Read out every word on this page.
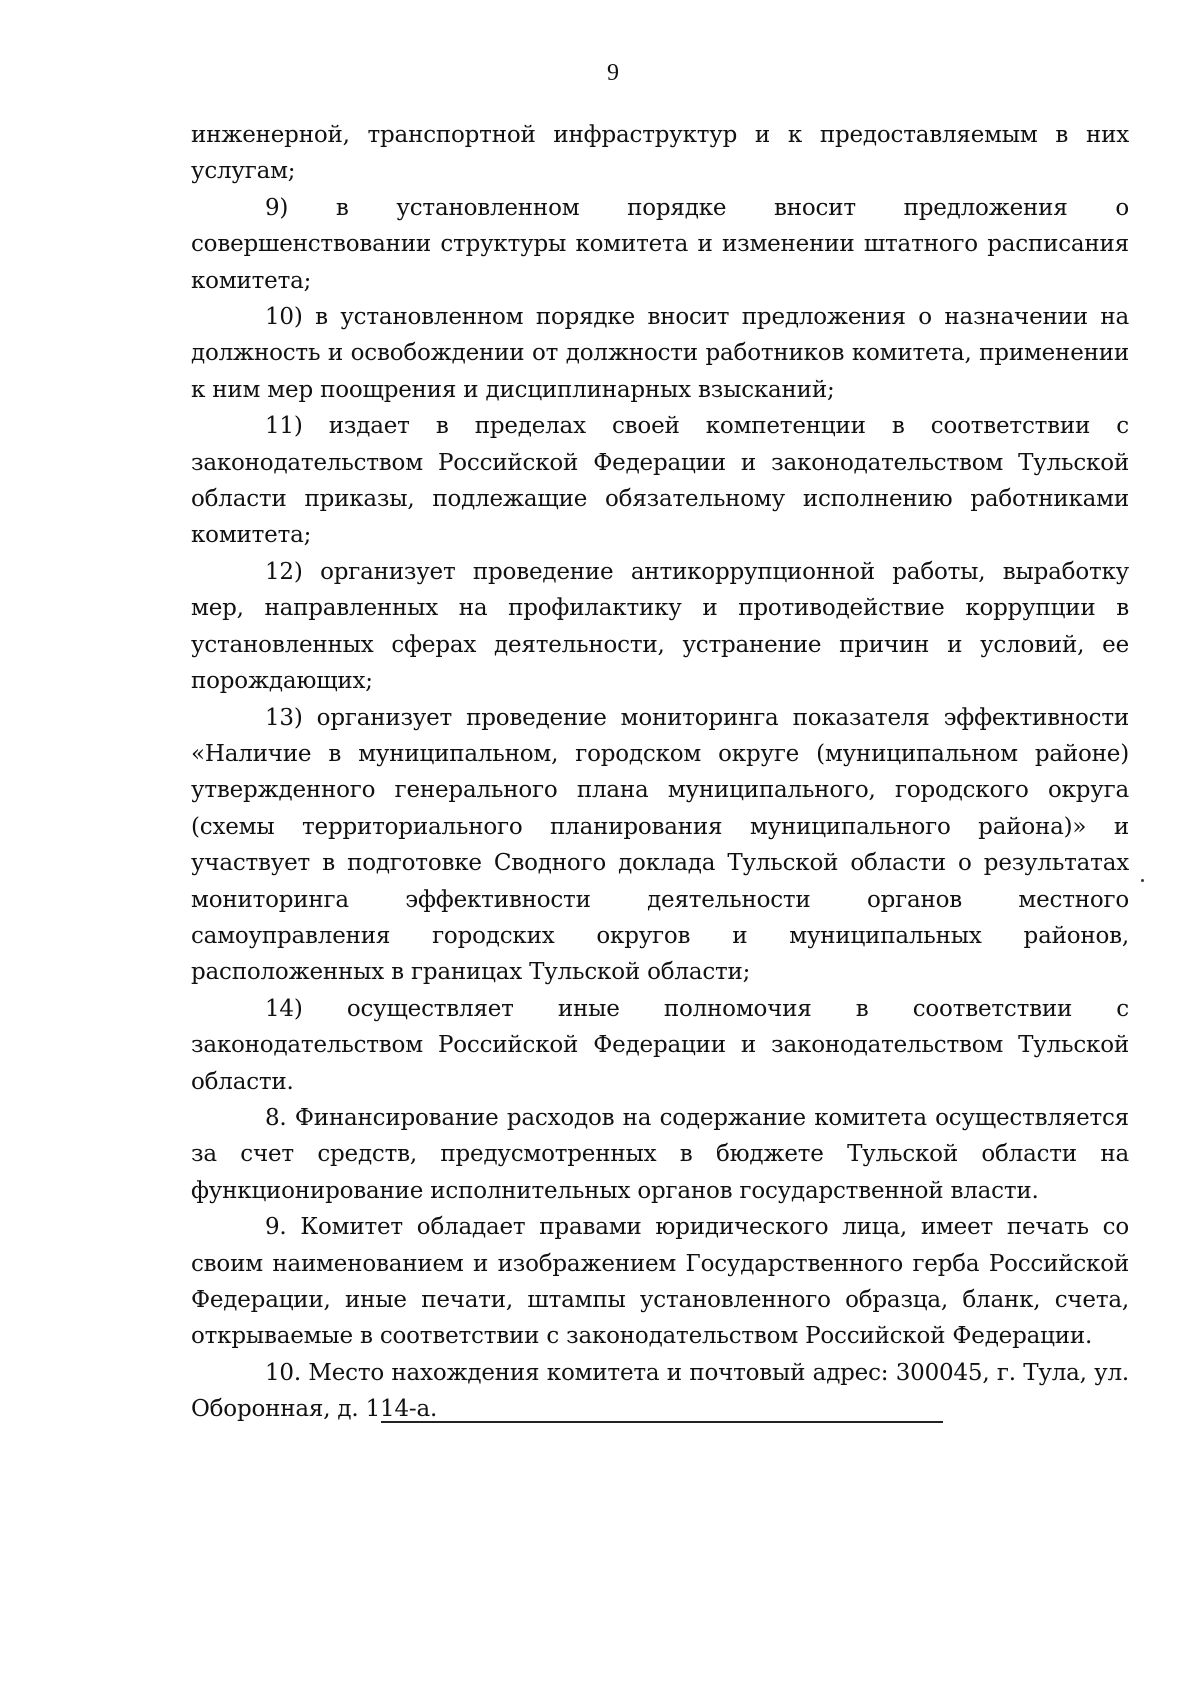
9

инженерной, транспортной инфраструктур и к предоставляемым в них услугам;

9) в установленном порядке вносит предложения о совершенствовании структуры комитета и изменении штатного расписания комитета;

10) в установленном порядке вносит предложения о назначении на должность и освобождении от должности работников комитета, применении к ним мер поощрения и дисциплинарных взысканий;

11) издает в пределах своей компетенции в соответствии с законодательством Российской Федерации и законодательством Тульской области приказы, подлежащие обязательному исполнению работниками комитета;

12) организует проведение антикоррупционной работы, выработку мер, направленных на профилактику и противодействие коррупции в установленных сферах деятельности, устранение причин и условий, ее порождающих;

13) организует проведение мониторинга показателя эффективности «Наличие в муниципальном, городском округе (муниципальном районе) утвержденного генерального плана муниципального, городского округа (схемы территориального планирования муниципального района)» и участвует в подготовке Сводного доклада Тульской области о результатах мониторинга эффективности деятельности органов местного самоуправления городских округов и муниципальных районов, расположенных в границах Тульской области;

14) осуществляет иные полномочия в соответствии с законодательством Российской Федерации и законодательством Тульской области.

8. Финансирование расходов на содержание комитета осуществляется за счет средств, предусмотренных в бюджете Тульской области на функционирование исполнительных органов государственной власти.

9. Комитет обладает правами юридического лица, имеет печать со своим наименованием и изображением Государственного герба Российской Федерации, иные печати, штампы установленного образца, бланк, счета, открываемые в соответствии с законодательством Российской Федерации.

10. Место нахождения комитета и почтовый адрес: 300045, г. Тула, ул. Оборонная, д. 114-а.
